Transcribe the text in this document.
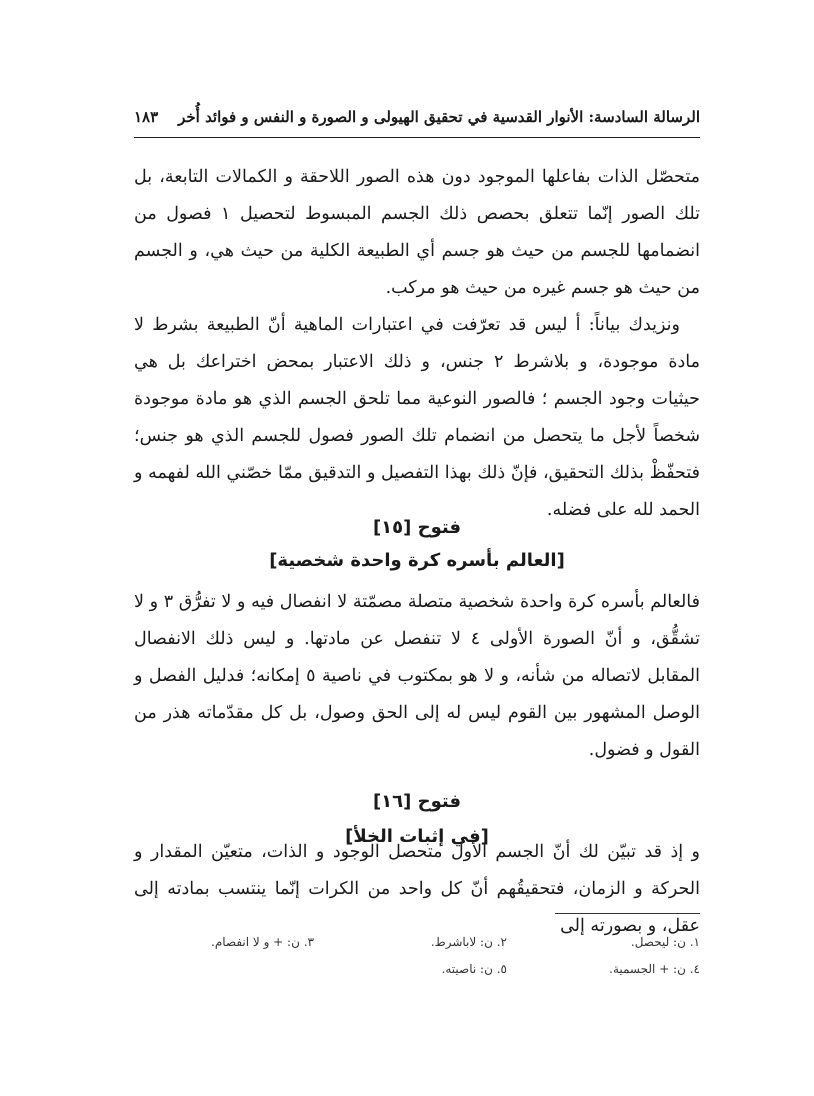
الرسالة السادسة: الأنوار القدسية في تحقيق الهيولى و الصورة و النفس و فوائد أُخر
١٨٣

متحصّل الذات بفاعلها الموجود دون هذه الصور اللاحقة و الكمالات التابعة، بل تلك الصور إنّما تتعلق بحصص ذلك الجسم المبسوط لتحصيل ١ فصول من انضمامها للجسم من حيث هو جسم أي الطبيعة الكلية من حيث هي، و الجسم من حيث هو جسم غيره من حيث هو مركب.

ونزيدك بياناً: أ ليس قد تعرّفت في اعتبارات الماهية أنّ الطبيعة بشرط لا مادة موجودة، و بلاشرط ٢ جنس، و ذلك الاعتبار بمحض اختراعك بل هي حيثيات وجود الجسم ؛ فالصور النوعية مما تلحق الجسم الذي هو مادة موجودة شخصاً لأجل ما يتحصل من انضمام تلك الصور فصول للجسم الذي هو جنس؛ فتحفّظْ بذلك التحقيق، فإنّ ذلك بهذا التفصيل و التدقيق ممّا خصّني الله لفهمه و الحمد لله على فضله.

فتوح [١٥]
[العالم بأسره كرة واحدة شخصية]

فالعالم بأسره كرة واحدة شخصية متصلة مصمّتة لا انفصال فيه و لا تفرُّق ٣ و لا تشقُّق، و أنّ الصورة الأولى ٤ لا تنفصل عن مادتها. و ليس ذلك الانفصال المقابل لاتصاله من شأنه، و لا هو بمكتوب في ناصية ٥ إمكانه؛ فدليل الفصل و الوصل المشهور بين القوم ليس له إلى الحق وصول، بل كل مقدّماته هذر من القول و فضول.

فتوح [١٦]
[في إثبات الخلأ]

و إذ قد تبيّن لك أنّ الجسم الأول متحصل الوجود و الذات، متعيّن المقدار و الحركة و الزمان، فتحقيقُهم أنّ كل واحد من الكرات إنّما ينتسب بمادته إلى عقل، و بصورته إلى

١. ن: ليحصل.
٢. ن: لاباشرط.
٣. ن: + و لا انفصام.
٤. ن: + الجسمية.
٥. ن: ناصيته.
